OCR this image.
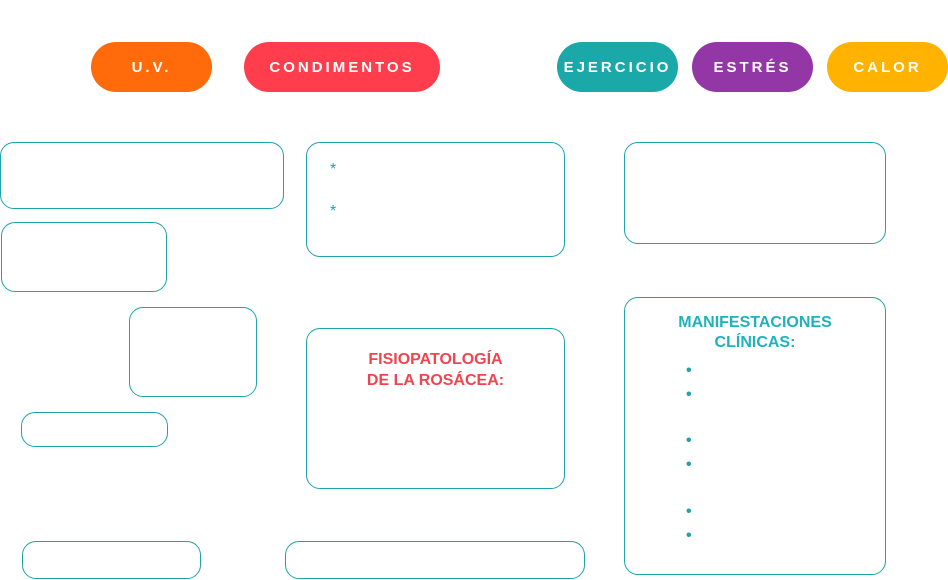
U.V.	CONDIMENTOS	EJERCICIO	ESTRÉS	CALOR
*
*
FISIOPATOLOGÍA
DE LA ROSÁCEA:
MANIFESTACIONES
CLÍNICAS:
•
•
•
•
•
•
